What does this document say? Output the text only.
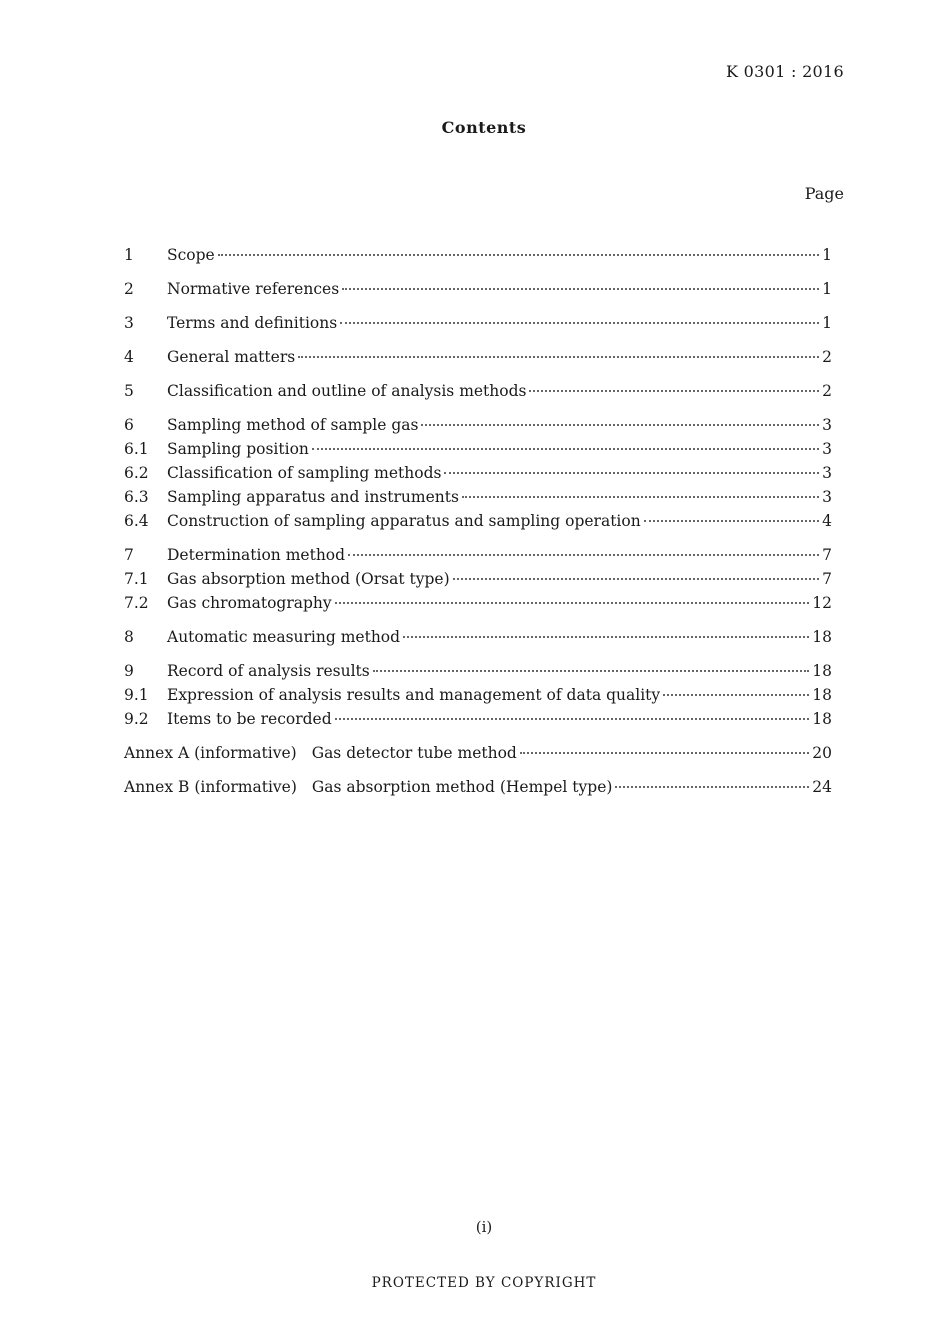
K 0301 : 2016
Contents
Page
1	Scope	1
2	Normative references	1
3	Terms and definitions	1
4	General matters	2
5	Classification and outline of analysis methods	2
6	Sampling method of sample gas	3
6.1	Sampling position	3
6.2	Classification of sampling methods	3
6.3	Sampling apparatus and instruments	3
6.4	Construction of sampling apparatus and sampling operation	4
7	Determination method	7
7.1	Gas absorption method (Orsat type)	7
7.2	Gas chromatography	12
8	Automatic measuring method	18
9	Record of analysis results	18
9.1	Expression of analysis results and management of data quality	18
9.2	Items to be recorded	18
Annex A (informative) Gas detector tube method	20
Annex B (informative) Gas absorption method (Hempel type)	24
(i)
PROTECTED BY COPYRIGHT
